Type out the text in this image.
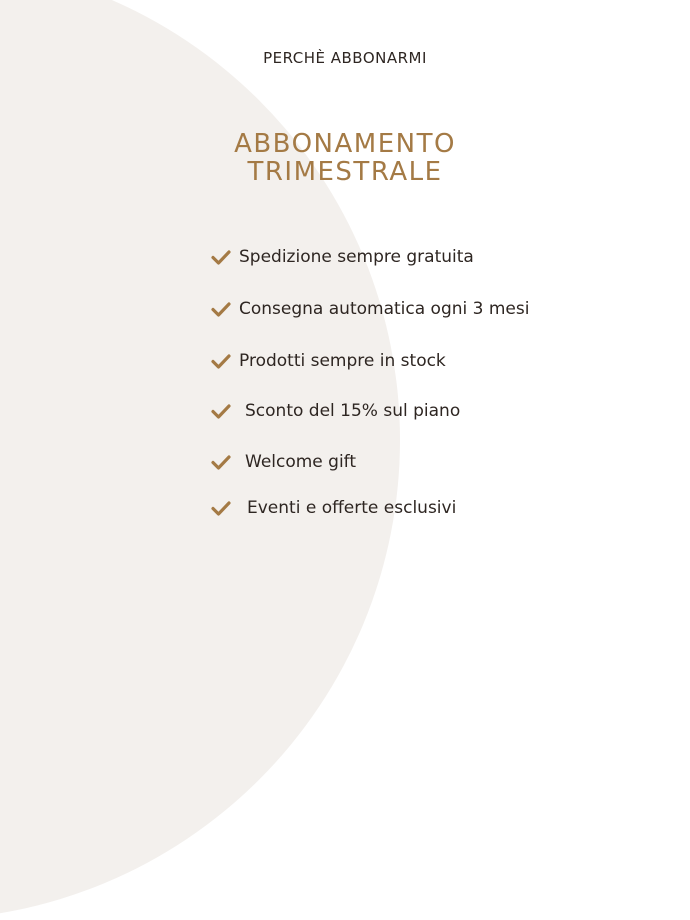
PERCHÈ ABBONARMI
ABBONAMENTO
TRIMESTRALE
Spedizione sempre gratuita
Consegna automatica ogni 3 mesi
Prodotti sempre in stock
Sconto del 15% sul piano
Welcome gift
Eventi e offerte esclusivi
